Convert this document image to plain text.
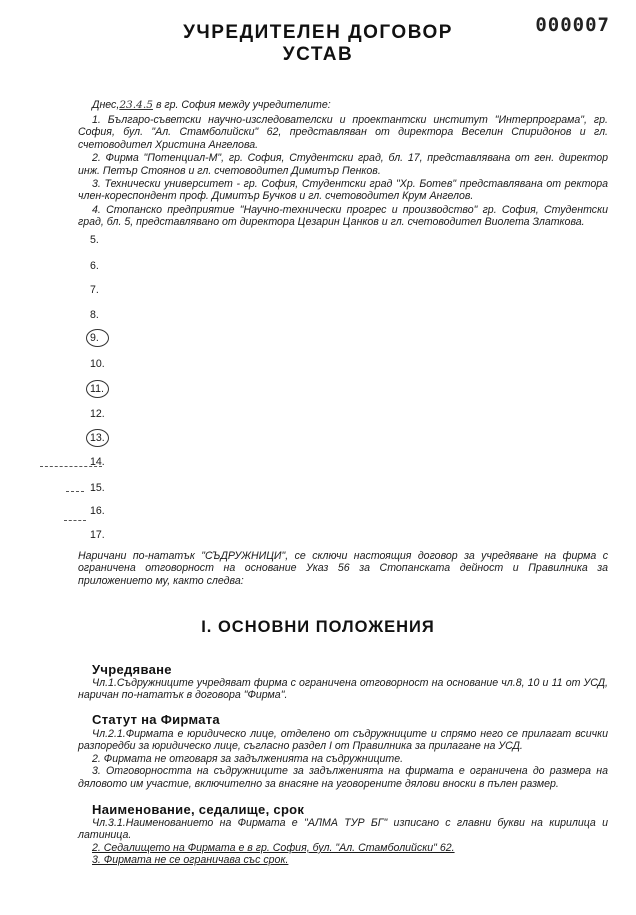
000007
УЧРЕДИТЕЛЕН ДОГОВОР
УСТАВ
Днес,23.4.5 в гр. София между учредителите:

1. Българо-съветски научно-изследователски и проектантски институт "Интерпрограма", гр. София, бул. "Ал. Стамболийски" 62, представляван от директора Веселин Спиридонов и гл. счетоводител Христина Ангелова.

2. Фирма "Потенциал-М", гр. София, Студентски град, бл. 17, представлявана от ген. директор инж. Петър Стоянов и гл. счетоводител Димитър Пенков.

3. Технически университет - гр. София, Студентски град "Хр. Ботев" представлявана от ректора член-кореспондент проф. Димитър Бучков и гл. счетоводител Крум Ангелов.

4. Стопанско предприятие "Научно-технически прогрес и производство" гр. София, Студентски град, бл. 5, представлявано от директора Цезарин Цанков и гл. счетоводител Виолета Златкова.

5.
6.
7.
8.
9.
10.
11.
12.
13.
14.
15.
16.
17.
Наричани по-нататък "СЪДРУЖНИЦИ", се сключи настоящия договор за учредяване на фирма с ограничена отговорност на основание Указ 56 за Стопанската дейност и Правилника за приложението му, както следва:
I. ОСНОВНИ ПОЛОЖЕНИЯ
Учредяване

Чл.1.Съдружниците учредяват фирма с ограничена отговорност на основание чл.8, 10 и 11 от УСД, наричан по-нататък в договора "Фирма".

Статут на Фирмата

Чл.2.1.Фирмата е юридическо лице, отделено от съдружниците и спрямо него се прилагат всички разпоредби за юридическо лице, съгласно раздел I от Правилника за прилагане на УСД.

2. Фирмата не отговаря за задълженията на съдружниците.

3. Отговорността на съдружниците за задълженията на фирмата е ограничена до размера на дяловото им участие, включително за внасяне на уговорените дялови вноски в пълен размер.

Наименование, седалище, срок

Чл.3.1.Наименованието на Фирмата е "АЛМА ТУР БГ" изписано с главни букви на кирилица и латиница.

2. Седалището на Фирмата е в гр. София, бул. "Ал. Стамболийски" 62.

3. Фирмата не се ограничава със срок.
